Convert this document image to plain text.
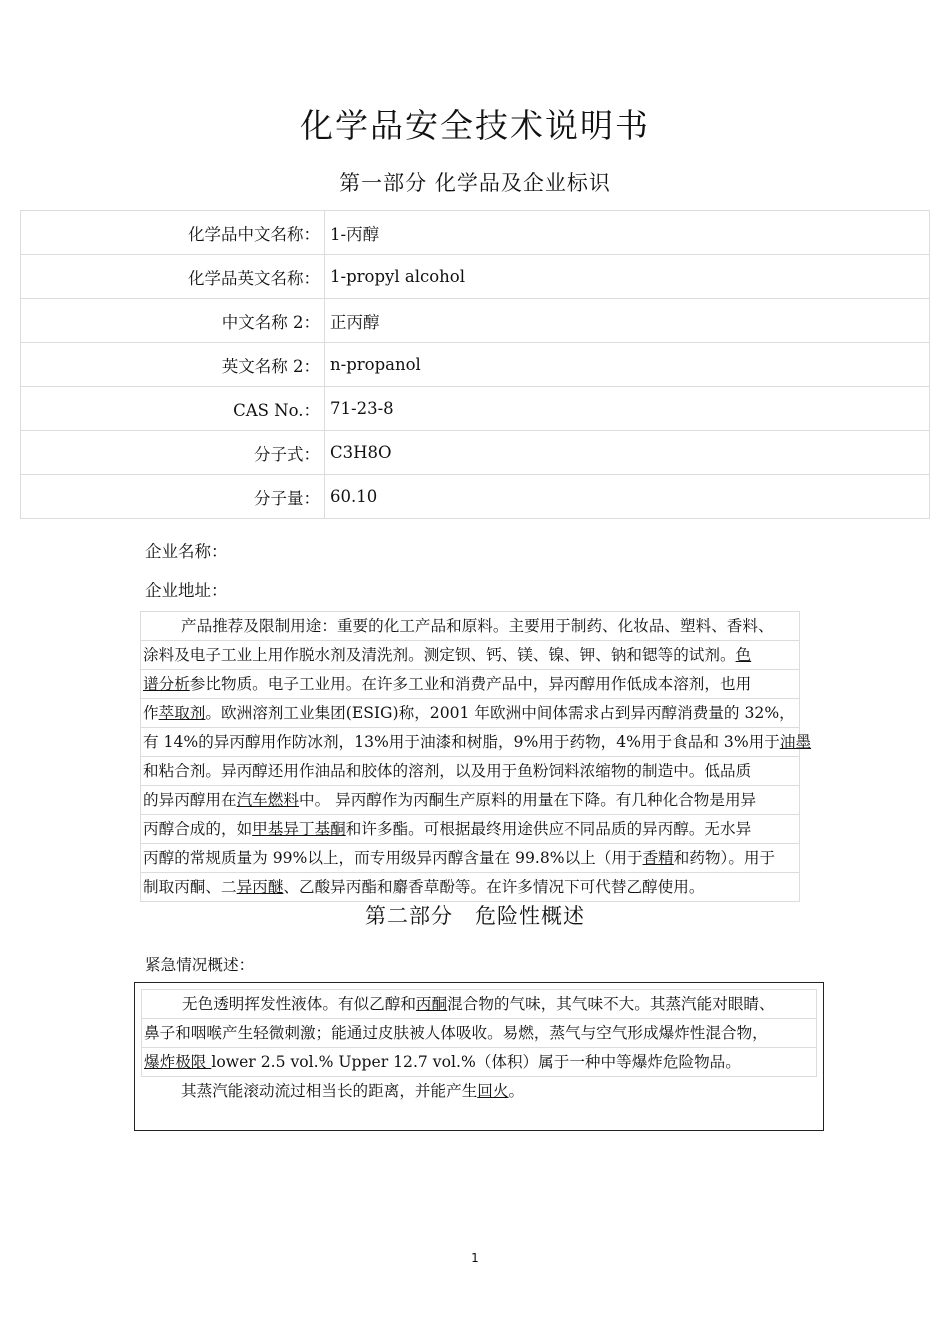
化学品安全技术说明书
第一部分 化学品及企业标识
化学品中文名称：	1-丙醇
化学品英文名称：	1-propyl alcohol
中文名称 2：	正丙醇
英文名称 2：	n-propanol
CAS No.：	71-23-8
分子式：	C3H8O
分子量：	60.10
企业名称：
企业地址：
产品推荐及限制用途：重要的化工产品和原料。主要用于制药、化妆品、塑料、香料、
涂料及电子工业上用作脱水剂及清洗剂。测定钡、钙、镁、镍、钾、钠和锶等的试剂。色
谱分析参比物质。电子工业用。在许多工业和消费产品中，异丙醇用作低成本溶剂，也用
作萃取剂。欧洲溶剂工业集团(ESIG)称，2001 年欧洲中间体需求占到异丙醇消费量的 32%，
有 14%的异丙醇用作防冰剂，13%用于油漆和树脂，9%用于药物，4%用于食品和 3%用于油墨
和粘合剂。异丙醇还用作油品和胶体的溶剂，以及用于鱼粉饲料浓缩物的制造中。低品质
的异丙醇用在汽车燃料中。 异丙醇作为丙酮生产原料的用量在下降。有几种化合物是用异
丙醇合成的，如甲基异丁基酮和许多酯。可根据最终用途供应不同品质的异丙醇。无水异
丙醇的常规质量为 99%以上，而专用级异丙醇含量在 99.8%以上（用于香精和药物）。用于
制取丙酮、二异丙醚、乙酸异丙酯和麝香草酚等。在许多情况下可代替乙醇使用。
第二部分　危险性概述
紧急情况概述：
无色透明挥发性液体。有似乙醇和丙酮混合物的气味，其气味不大。其蒸汽能对眼睛、
鼻子和咽喉产生轻微刺激；能通过皮肤被人体吸收。易燃，蒸气与空气形成爆炸性混合物，
爆炸极限 lower 2.5 vol.% Upper 12.7 vol.%（体积）属于一种中等爆炸危险物品。
其蒸汽能滚动流过相当长的距离，并能产生回火。
1
